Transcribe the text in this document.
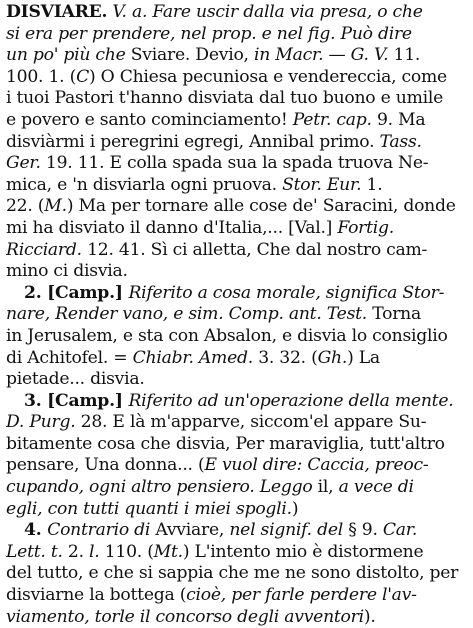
DISVIARE. V. a. Fare uscir dalla via presa, o che
si era per prendere, nel prop. e nel fig. Può dire
un po' più che Sviare. Devio, in Macr. — G. V. 11.
100. 1. (C) O Chiesa pecuniosa e vendereccia, come
i tuoi Pastori t'hanno disviata dal tuo buono e umile
e povero e santo cominciamento! Petr. cap. 9. Ma
disviàrmi i peregrini egregi, Annibal primo. Tass.
Ger. 19. 11. E colla spada sua la spada truova Ne-
mica, e 'n disviarla ogni pruova. Stor. Eur. 1.
22. (M.) Ma per tornare alle cose de' Saracini, donde
mi ha disviato il danno d'Italia,... [Val.] Fortig.
Ricciard. 12. 41. Sì ci alletta, Che dal nostro cam-
mino ci disvia.
2. [Camp.] Riferito a cosa morale, significa Stor-
nare, Render vano, e sim. Comp. ant. Test. Torna
in Jerusalem, e sta con Absalon, e disvia lo consiglio
di Achitofel. = Chiabr. Amed. 3. 32. (Gh.) La
pietade... disvia.
3. [Camp.] Riferito ad un'operazione della mente.
D. Purg. 28. E là m'apparve, siccom'el appare Su-
bitamente cosa che disvia, Per maraviglia, tutt'altro
pensare, Una donna... (E vuol dire: Caccia, preoc-
cupando, ogni altro pensiero. Leggo il, a vece di
egli, con tutti quanti i miei spogli.)
4. Contrario di Avviare, nel signif. del § 9. Car.
Lett. t. 2. l. 110. (Mt.) L'intento mio è distormene
del tutto, e che si sappia che me ne sono distolto, per
disviarne la bottega (cioè, per farle perdere l'av-
viamento, torle il concorso degli avventori).
